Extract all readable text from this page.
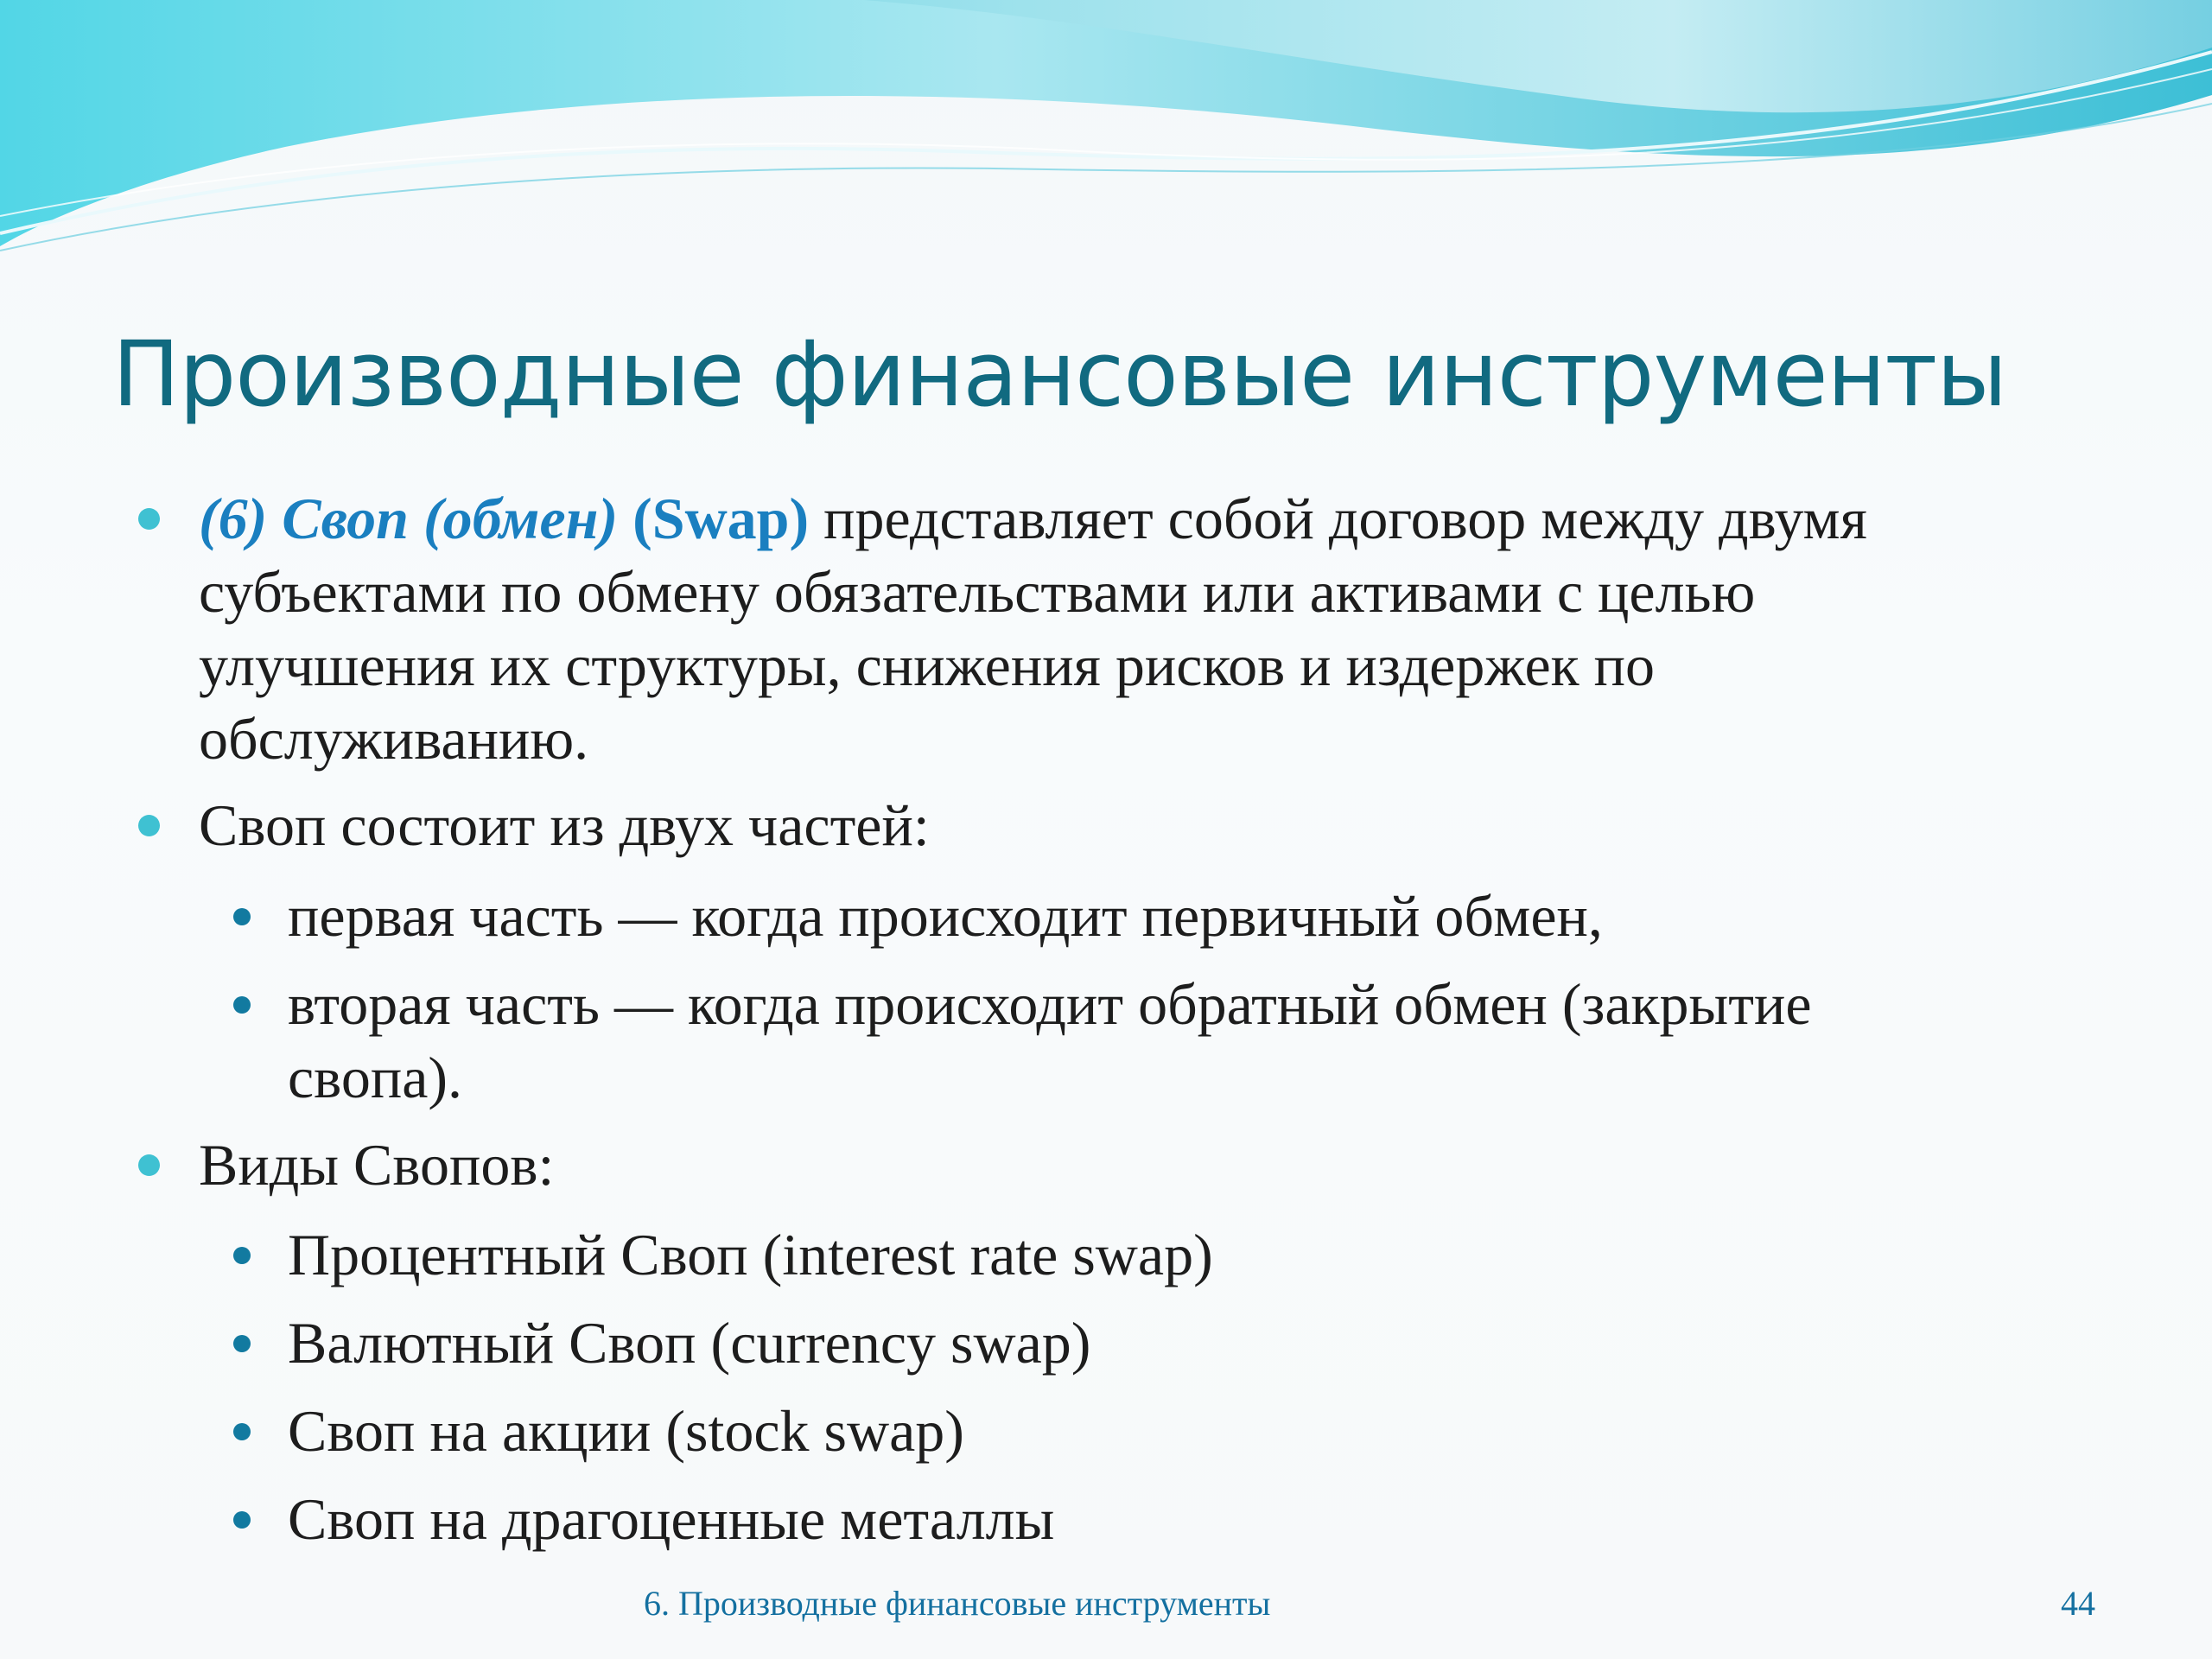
Производные финансовые инструменты
(6) Своп (обмен) (Swap) представляет собой договор между двумя
субъектами по обмену обязательствами или активами с целью
улучшения их структуры, снижения рисков и издержек по
обслуживанию.
Своп состоит из двух частей:
первая часть — когда происходит первичный обмен,
вторая часть — когда происходит обратный обмен (закрытие
свопа).
Виды Свопов:
Процентный Своп (interest rate swap)
Валютный Своп (currency swap)
Своп на акции (stock swap)
Своп на драгоценные металлы
6. Производные финансовые инструменты	44
